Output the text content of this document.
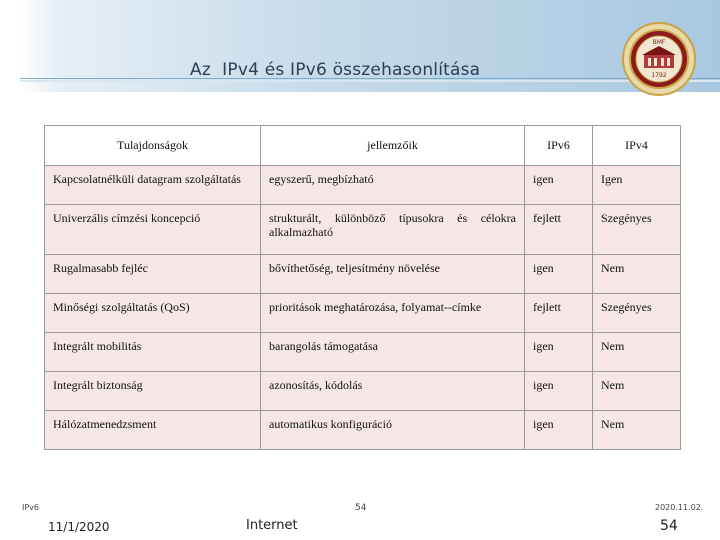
Az  IPv4 és IPv6 összehasonlítása
BMF
1792
Tulajdonságok	jellemzőik	IPv6	IPv4
Kapcsolatnélküli datagram szolgáltatás	egyszerű, megbízható	igen	Igen
Univerzális címzési koncepció	strukturált, különböző típusokra és célokra alkalmazható	fejlett	Szegényes
Rugalmasabb fejléc	bővíthetőség, teljesítmény növelése	igen	Nem
Minőségi szolgáltatás (QoS)	prioritások meghatározása, folyamat--címke	fejlett	Szegényes
Integrált mobilitás	barangolás támogatása	igen	Nem
Integrált biztonság	azonosítás, kódolás	igen	Nem
Hálózatmenedzsment	automatikus konfiguráció	igen	Nem
IPv6	54	2020.11.02.
11/1/2020	Internet	54
